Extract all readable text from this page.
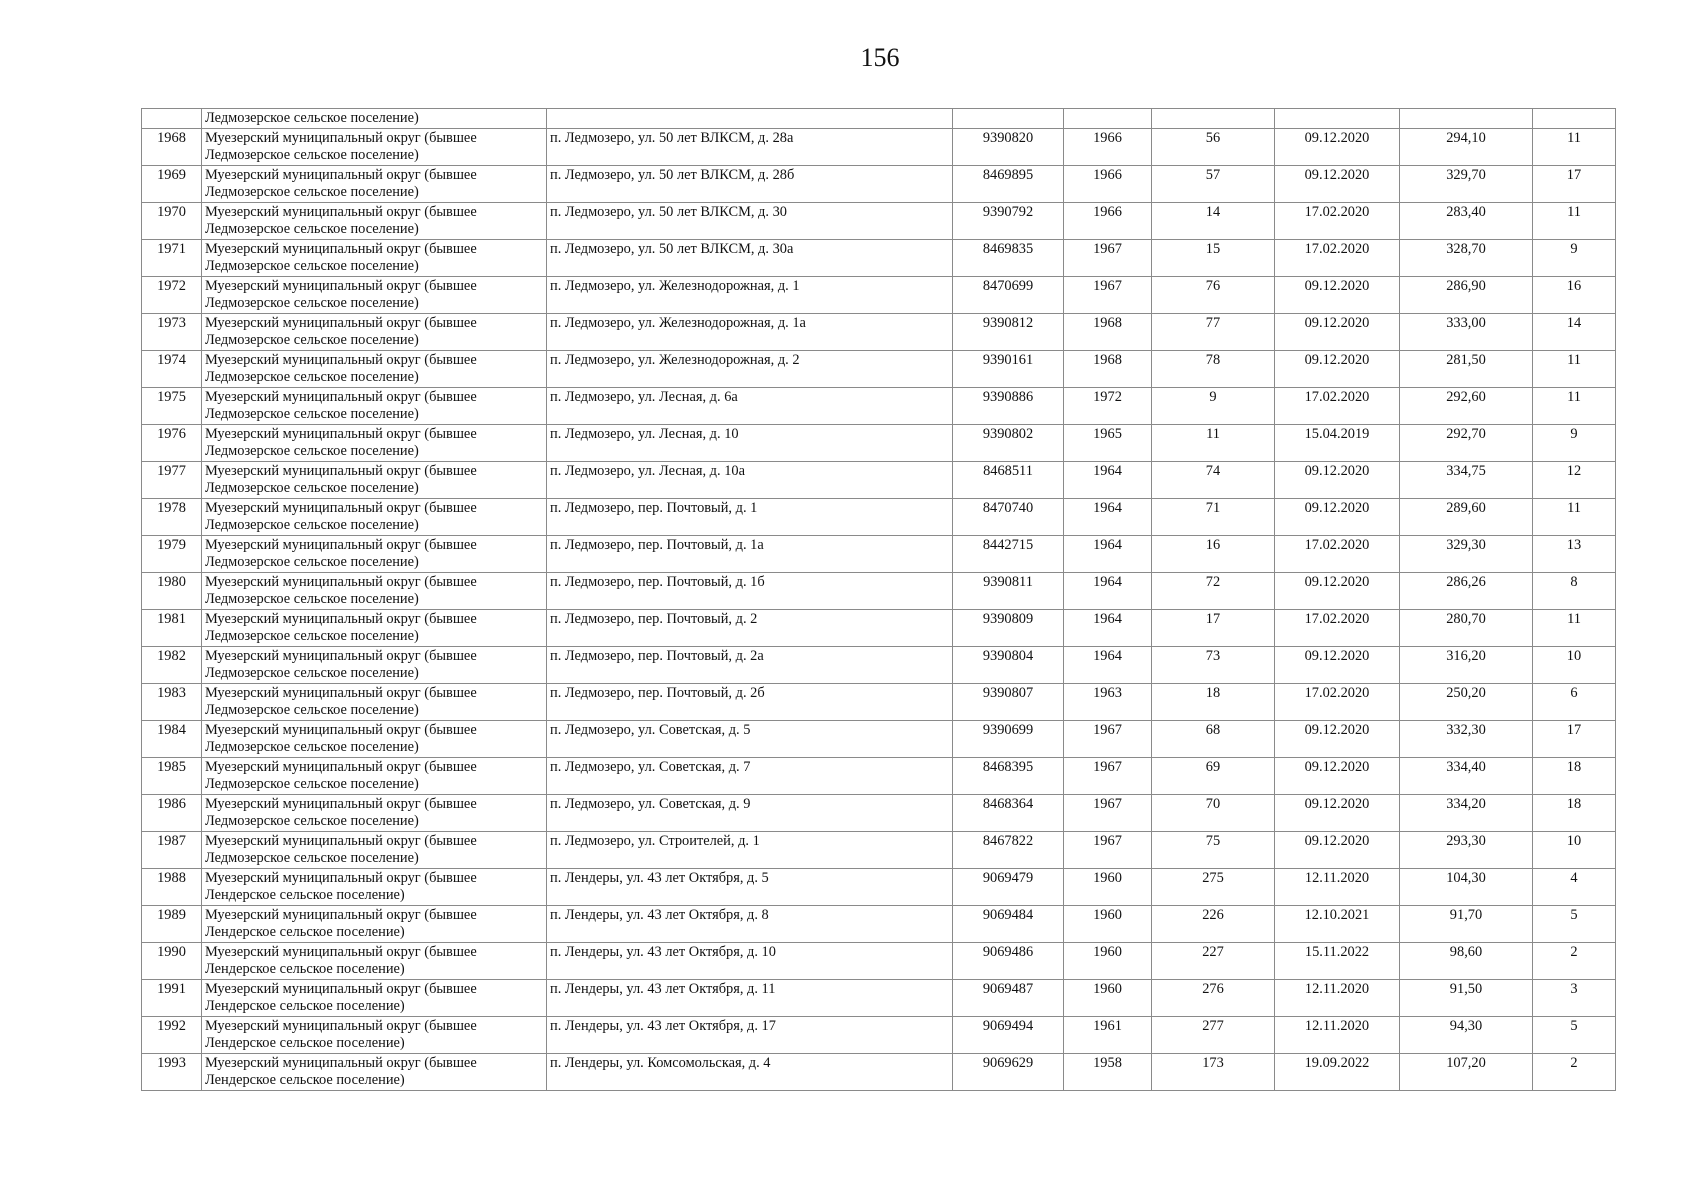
156
	Ледмозерское сельское поселение)							
1968	Муезерский муниципальный округ (бывшее
Ледмозерское сельское поселение)	п. Ледмозеро, ул. 50 лет ВЛКСМ, д. 28а	9390820	1966	56	09.12.2020	294,10	11
1969	Муезерский муниципальный округ (бывшее
Ледмозерское сельское поселение)	п. Ледмозеро, ул. 50 лет ВЛКСМ, д. 28б	8469895	1966	57	09.12.2020	329,70	17
1970	Муезерский муниципальный округ (бывшее
Ледмозерское сельское поселение)	п. Ледмозеро, ул. 50 лет ВЛКСМ, д. 30	9390792	1966	14	17.02.2020	283,40	11
1971	Муезерский муниципальный округ (бывшее
Ледмозерское сельское поселение)	п. Ледмозеро, ул. 50 лет ВЛКСМ, д. 30а	8469835	1967	15	17.02.2020	328,70	9
1972	Муезерский муниципальный округ (бывшее
Ледмозерское сельское поселение)	п. Ледмозеро, ул. Железнодорожная, д. 1	8470699	1967	76	09.12.2020	286,90	16
1973	Муезерский муниципальный округ (бывшее
Ледмозерское сельское поселение)	п. Ледмозеро, ул. Железнодорожная, д. 1а	9390812	1968	77	09.12.2020	333,00	14
1974	Муезерский муниципальный округ (бывшее
Ледмозерское сельское поселение)	п. Ледмозеро, ул. Железнодорожная, д. 2	9390161	1968	78	09.12.2020	281,50	11
1975	Муезерский муниципальный округ (бывшее
Ледмозерское сельское поселение)	п. Ледмозеро, ул. Лесная, д. 6а	9390886	1972	9	17.02.2020	292,60	11
1976	Муезерский муниципальный округ (бывшее
Ледмозерское сельское поселение)	п. Ледмозеро, ул. Лесная, д. 10	9390802	1965	11	15.04.2019	292,70	9
1977	Муезерский муниципальный округ (бывшее
Ледмозерское сельское поселение)	п. Ледмозеро, ул. Лесная, д. 10а	8468511	1964	74	09.12.2020	334,75	12
1978	Муезерский муниципальный округ (бывшее
Ледмозерское сельское поселение)	п. Ледмозеро, пер. Почтовый, д. 1	8470740	1964	71	09.12.2020	289,60	11
1979	Муезерский муниципальный округ (бывшее
Ледмозерское сельское поселение)	п. Ледмозеро, пер. Почтовый, д. 1а	8442715	1964	16	17.02.2020	329,30	13
1980	Муезерский муниципальный округ (бывшее
Ледмозерское сельское поселение)	п. Ледмозеро, пер. Почтовый, д. 1б	9390811	1964	72	09.12.2020	286,26	8
1981	Муезерский муниципальный округ (бывшее
Ледмозерское сельское поселение)	п. Ледмозеро, пер. Почтовый, д. 2	9390809	1964	17	17.02.2020	280,70	11
1982	Муезерский муниципальный округ (бывшее
Ледмозерское сельское поселение)	п. Ледмозеро, пер. Почтовый, д. 2а	9390804	1964	73	09.12.2020	316,20	10
1983	Муезерский муниципальный округ (бывшее
Ледмозерское сельское поселение)	п. Ледмозеро, пер. Почтовый, д. 2б	9390807	1963	18	17.02.2020	250,20	6
1984	Муезерский муниципальный округ (бывшее
Ледмозерское сельское поселение)	п. Ледмозеро, ул. Советская, д. 5	9390699	1967	68	09.12.2020	332,30	17
1985	Муезерский муниципальный округ (бывшее
Ледмозерское сельское поселение)	п. Ледмозеро, ул. Советская, д. 7	8468395	1967	69	09.12.2020	334,40	18
1986	Муезерский муниципальный округ (бывшее
Ледмозерское сельское поселение)	п. Ледмозеро, ул. Советская, д. 9	8468364	1967	70	09.12.2020	334,20	18
1987	Муезерский муниципальный округ (бывшее
Ледмозерское сельское поселение)	п. Ледмозеро, ул. Строителей, д. 1	8467822	1967	75	09.12.2020	293,30	10
1988	Муезерский муниципальный округ (бывшее
Лендерское сельское поселение)	п. Лендеры, ул. 43 лет Октября, д. 5	9069479	1960	275	12.11.2020	104,30	4
1989	Муезерский муниципальный округ (бывшее
Лендерское сельское поселение)	п. Лендеры, ул. 43 лет Октября, д. 8	9069484	1960	226	12.10.2021	91,70	5
1990	Муезерский муниципальный округ (бывшее
Лендерское сельское поселение)	п. Лендеры, ул. 43 лет Октября, д. 10	9069486	1960	227	15.11.2022	98,60	2
1991	Муезерский муниципальный округ (бывшее
Лендерское сельское поселение)	п. Лендеры, ул. 43 лет Октября, д. 11	9069487	1960	276	12.11.2020	91,50	3
1992	Муезерский муниципальный округ (бывшее
Лендерское сельское поселение)	п. Лендеры, ул. 43 лет Октября, д. 17	9069494	1961	277	12.11.2020	94,30	5
1993	Муезерский муниципальный округ (бывшее
Лендерское сельское поселение)	п. Лендеры, ул. Комсомольская, д. 4	9069629	1958	173	19.09.2022	107,20	2
